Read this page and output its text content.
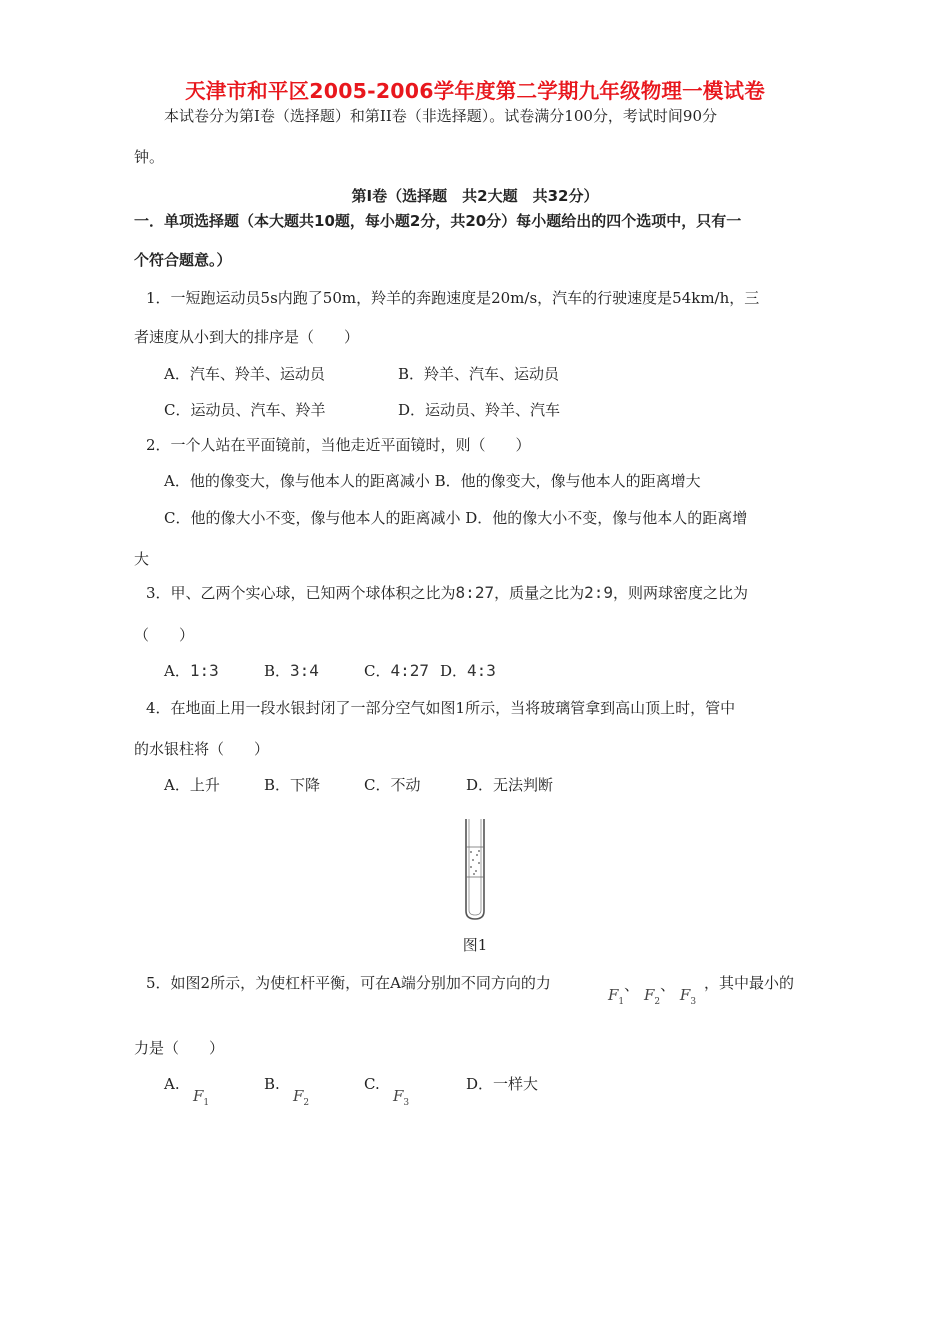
天津市和平区2005-2006学年度第二学期九年级物理一模试卷
本试卷分为第I卷（选择题）和第II卷（非选择题）。试卷满分100分，考试时间90分
钟。
第I卷（选择题　共2大题　共32分）
一．单项选择题（本大题共10题，每小题2分，共20分）每小题给出的四个选项中，只有一
个符合题意。）
1．一短跑运动员5s内跑了50m，羚羊的奔跑速度是20m/s，汽车的行驶速度是54km/h，三
者速度从小到大的排序是（　　）
A．汽车、羚羊、运动员	B．羚羊、汽车、运动员
C．运动员、汽车、羚羊	D．运动员、羚羊、汽车
2．一个人站在平面镜前，当他走近平面镜时，则（　　）
A．他的像变大，像与他本人的距离减小 B．他的像变大，像与他本人的距离增大
C．他的像大小不变，像与他本人的距离减小 D．他的像大小不变，像与他本人的距离增
大
3．甲、乙两个实心球，已知两个球体积之比为8:27，质量之比为2:9，则两球密度之比为
（　　）
A．1:3	B．3:4	C．4:27 D．4:3
4．在地面上用一段水银封闭了一部分空气如图1所示，当将玻璃管拿到高山顶上时，管中
的水银柱将（　　）
A．上升	B．下降	C．不动	D．无法判断
图1
5．如图2所示，为使杠杆平衡，可在A端分别加不同方向的力
$F_1$、 $F_2$、 $F_3$
，其中最小的
力是（　　）
A.
$F_1$
B.
$F_2$
C.
$F_3$
D．一样大
